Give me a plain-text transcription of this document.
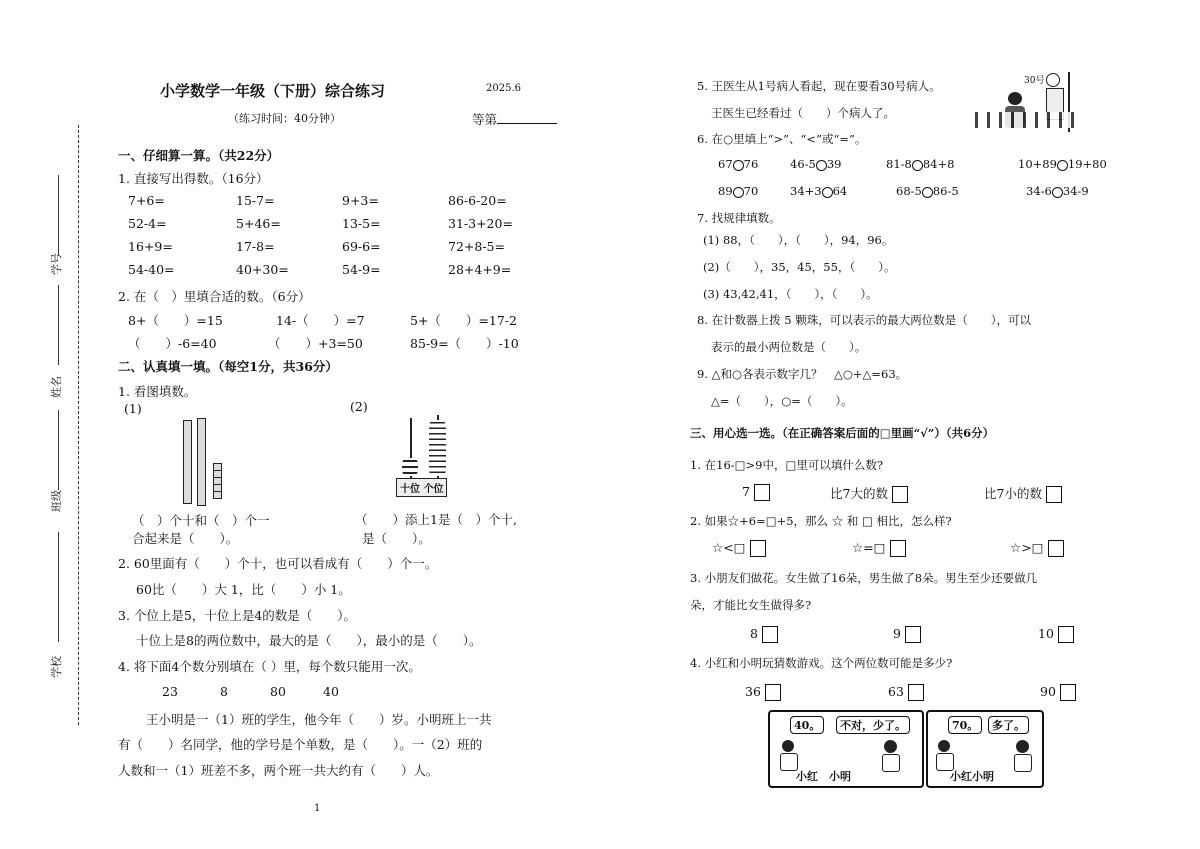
学号
姓名
班级
学校
小学数学一年级（下册）综合练习	2025.6
（练习时间：40分钟）	等第
一、仔细算一算。（共22分）
1. 直接写出得数。（16分）
7+6=	15-7=	9+3=	86-6-20=
52-4=	5+46=	13-5=	31-3+20=
16+9=	17-8=	69-6=	72+8-5=
54-40=	40+30=	54-9=	28+4+9=
2. 在（　）里填合适的数。（6分）
8+（　　）=15	14-（　　）=7	5+（　　）=17-2
（　　）-6=40	（　　）+3=50	85-9=（　　）-10
二、认真填一填。（每空1分，共36分）
1. 看图填数。
(1)	(2)
十位 个位
（　）个十和（　）个一
合起来是（　　）。
（　　）添上1是（　）个十,
是（　　）。
2. 60里面有（　　）个十，也可以看成有（　　）个一。
60比（　　）大 1，比（　　）小 1。
3. 个位上是5，十位上是4的数是（　　）。
十位上是8的两位数中，最大的是（　　），最小的是（　　）。
4. 将下面4个数分别填在（ ）里，每个数只能用一次。
23	8	80	40
王小明是一（1）班的学生，他今年（　　）岁。小明班上一共
有（　　）名同学，他的学号是个单数，是（　　）。一（2）班的
人数和一（1）班差不多，两个班一共大约有（　　）人。
1
5. 王医生从1号病人看起，现在要看30号病人。
王医生已经看过（　　）个病人了。
30号
6. 在○里填上“>”、“<”或“=”。
67 76	46-5 39	81-8 84+8	10+89 19+80
89 70	34+3 64	68-5 86-5	34-6 34-9
7. 找规律填数。
(1) 88，（　　），（　　），94，96。
(2)（　　），35，45，55，（　　）。
(3) 43,42,41，（　　），（　　）。
8. 在计数器上拨 5 颗珠，可以表示的最大两位数是（　　），可以
表示的最小两位数是（　　）。
9. △和○各表示数字几？　△○+△=63。
△=（　　），○=（　　）。
三、用心选一选。（在正确答案后面的□里画“√”）（共6分）
1. 在16-□>9中，□里可以填什么数?
7	比7大的数	比7小的数
2. 如果☆+6=□+5，那么 ☆ 和 □ 相比，怎么样?
☆<□	☆=□	☆>□
3. 小朋友们做花。女生做了16朵，男生做了8朵。男生至少还要做几
朵，才能比女生做得多?
8	9	10
4. 小红和小明玩猜数游戏。这个两位数可能是多少?
36	63	90
40。	不对，少了。
小红　小明
70。	多了。
小红小明
